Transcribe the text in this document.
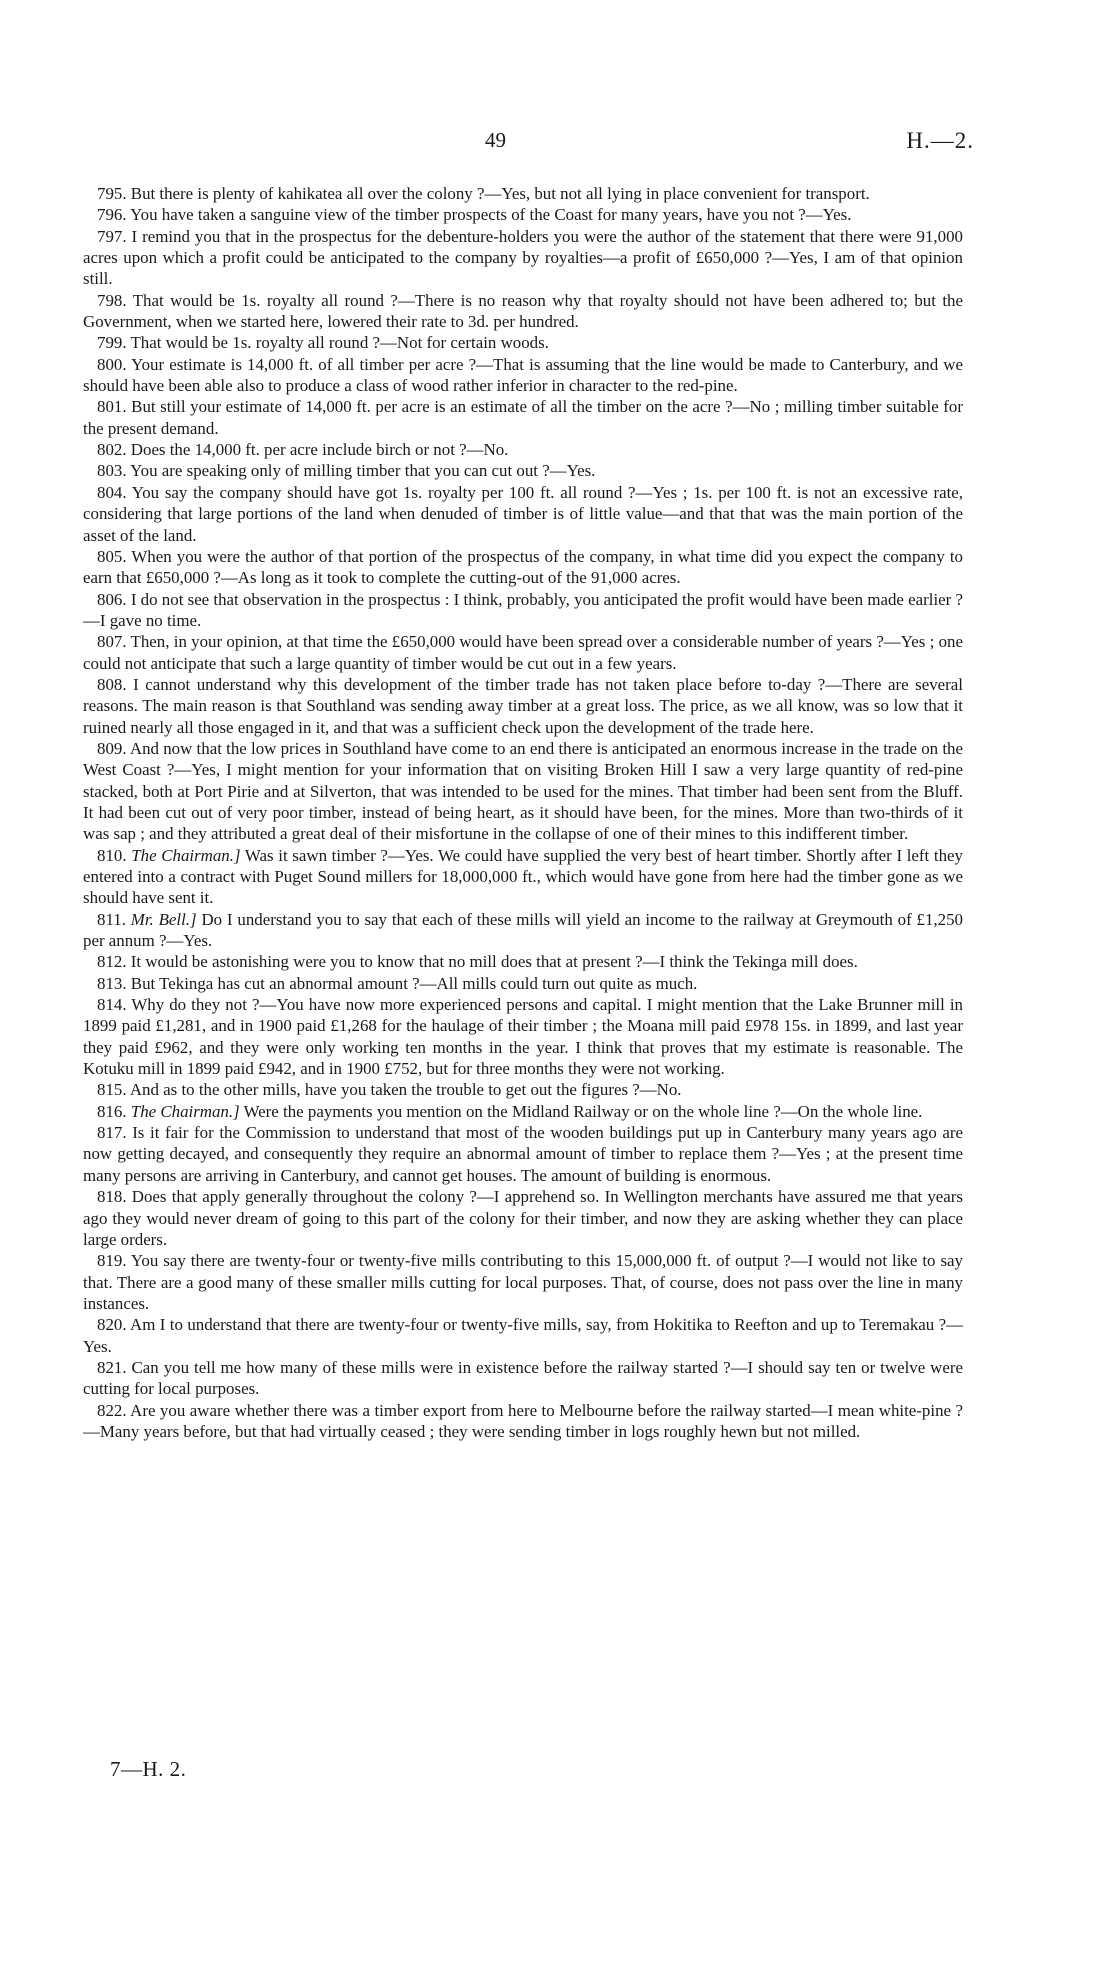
49	H.—2.

795. But there is plenty of kahikatea all over the colony ?—Yes, but not all lying in place convenient for transport.

796. You have taken a sanguine view of the timber prospects of the Coast for many years, have you not ?—Yes.

797. I remind you that in the prospectus for the debenture-holders you were the author of the statement that there were 91,000 acres upon which a profit could be anticipated to the company by royalties—a profit of £650,000 ?—Yes, I am of that opinion still.

798. That would be 1s. royalty all round ?—There is no reason why that royalty should not have been adhered to; but the Government, when we started here, lowered their rate to 3d. per hundred.

799. That would be 1s. royalty all round ?—Not for certain woods.

800. Your estimate is 14,000 ft. of all timber per acre ?—That is assuming that the line would be made to Canterbury, and we should have been able also to produce a class of wood rather inferior in character to the red-pine.

801. But still your estimate of 14,000 ft. per acre is an estimate of all the timber on the acre ?—No ; milling timber suitable for the present demand.

802. Does the 14,000 ft. per acre include birch or not ?—No.

803. You are speaking only of milling timber that you can cut out ?—Yes.

804. You say the company should have got 1s. royalty per 100 ft. all round ?—Yes ; 1s. per 100 ft. is not an excessive rate, considering that large portions of the land when denuded of timber is of little value—and that that was the main portion of the asset of the land.

805. When you were the author of that portion of the prospectus of the company, in what time did you expect the company to earn that £650,000 ?—As long as it took to complete the cutting-out of the 91,000 acres.

806. I do not see that observation in the prospectus : I think, probably, you anticipated the profit would have been made earlier ?—I gave no time.

807. Then, in your opinion, at that time the £650,000 would have been spread over a considerable number of years ?—Yes ; one could not anticipate that such a large quantity of timber would be cut out in a few years.

808. I cannot understand why this development of the timber trade has not taken place before to-day ?—There are several reasons. The main reason is that Southland was sending away timber at a great loss. The price, as we all know, was so low that it ruined nearly all those engaged in it, and that was a sufficient check upon the development of the trade here.

809. And now that the low prices in Southland have come to an end there is anticipated an enormous increase in the trade on the West Coast ?—Yes, I might mention for your information that on visiting Broken Hill I saw a very large quantity of red-pine stacked, both at Port Pirie and at Silverton, that was intended to be used for the mines. That timber had been sent from the Bluff. It had been cut out of very poor timber, instead of being heart, as it should have been, for the mines. More than two-thirds of it was sap ; and they attributed a great deal of their misfortune in the collapse of one of their mines to this indifferent timber.

810. The Chairman.] Was it sawn timber ?—Yes. We could have supplied the very best of heart timber. Shortly after I left they entered into a contract with Puget Sound millers for 18,000,000 ft., which would have gone from here had the timber gone as we should have sent it.

811. Mr. Bell.] Do I understand you to say that each of these mills will yield an income to the railway at Greymouth of £1,250 per annum ?—Yes.

812. It would be astonishing were you to know that no mill does that at present ?—I think the Tekinga mill does.

813. But Tekinga has cut an abnormal amount ?—All mills could turn out quite as much.

814. Why do they not ?—You have now more experienced persons and capital. I might mention that the Lake Brunner mill in 1899 paid £1,281, and in 1900 paid £1,268 for the haulage of their timber ; the Moana mill paid £978 15s. in 1899, and last year they paid £962, and they were only working ten months in the year. I think that proves that my estimate is reasonable. The Kotuku mill in 1899 paid £942, and in 1900 £752, but for three months they were not working.

815. And as to the other mills, have you taken the trouble to get out the figures ?—No.

816. The Chairman.] Were the payments you mention on the Midland Railway or on the whole line ?—On the whole line.

817. Is it fair for the Commission to understand that most of the wooden buildings put up in Canterbury many years ago are now getting decayed, and consequently they require an abnormal amount of timber to replace them ?—Yes ; at the present time many persons are arriving in Canterbury, and cannot get houses. The amount of building is enormous.

818. Does that apply generally throughout the colony ?—I apprehend so. In Wellington merchants have assured me that years ago they would never dream of going to this part of the colony for their timber, and now they are asking whether they can place large orders.

819. You say there are twenty-four or twenty-five mills contributing to this 15,000,000 ft. of output ?—I would not like to say that. There are a good many of these smaller mills cutting for local purposes. That, of course, does not pass over the line in many instances.

820. Am I to understand that there are twenty-four or twenty-five mills, say, from Hokitika to Reefton and up to Teremakau ?—Yes.

821. Can you tell me how many of these mills were in existence before the railway started ?—I should say ten or twelve were cutting for local purposes.

822. Are you aware whether there was a timber export from here to Melbourne before the railway started—I mean white-pine ?—Many years before, but that had virtually ceased ; they were sending timber in logs roughly hewn but not milled.

7—H. 2.
